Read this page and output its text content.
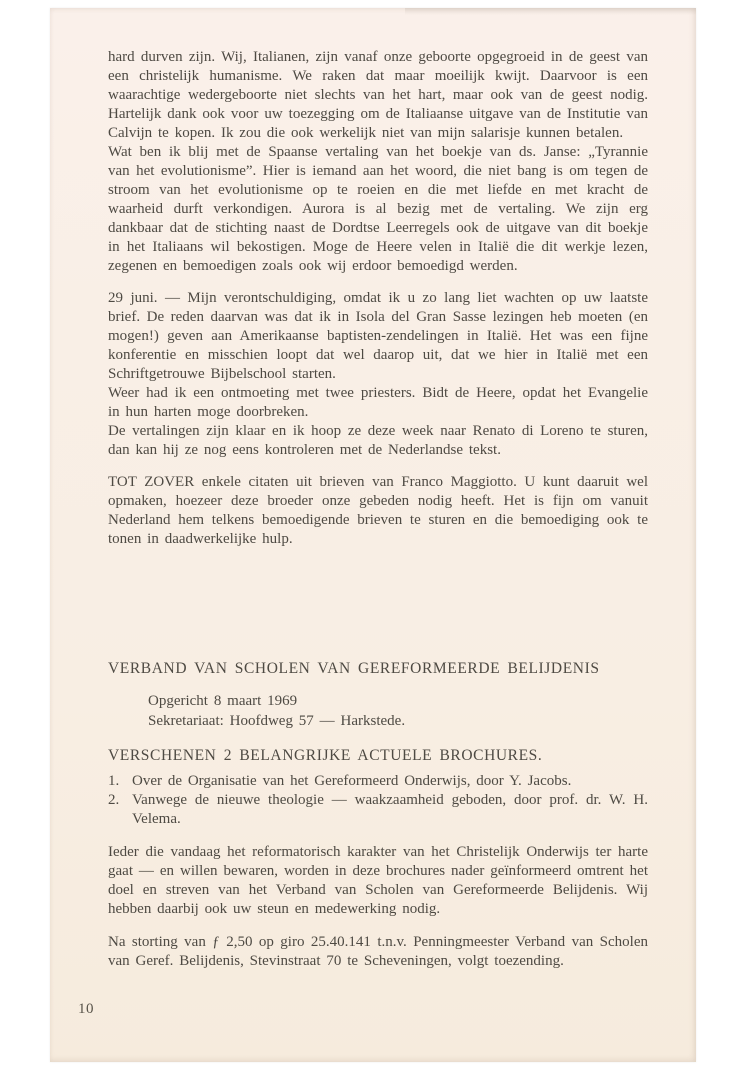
hard durven zijn. Wij, Italianen, zijn vanaf onze geboorte opgegroeid in de geest van een christelijk humanisme. We raken dat maar moeilijk kwijt. Daarvoor is een waarachtige wedergeboorte niet slechts van het hart, maar ook van de geest nodig. Hartelijk dank ook voor uw toezegging om de Italiaanse uitgave van de Institutie van Calvijn te kopen. Ik zou die ook werkelijk niet van mijn salarisje kunnen betalen.

Wat ben ik blij met de Spaanse vertaling van het boekje van ds. Janse: „Tyrannie van het evolutionisme”. Hier is iemand aan het woord, die niet bang is om tegen de stroom van het evolutionisme op te roeien en die met liefde en met kracht de waarheid durft verkondigen. Aurora is al bezig met de vertaling. We zijn erg dankbaar dat de stichting naast de Dordtse Leerregels ook de uitgave van dit boekje in het Italiaans wil bekostigen. Moge de Heere velen in Italië die dit werkje lezen, zegenen en bemoedigen zoals ook wij erdoor bemoedigd werden.

29 juni. — Mijn verontschuldiging, omdat ik u zo lang liet wachten op uw laatste brief. De reden daarvan was dat ik in Isola del Gran Sasse lezingen heb moeten (en mogen!) geven aan Amerikaanse baptisten-zendelingen in Italië. Het was een fijne konferentie en misschien loopt dat wel daarop uit, dat we hier in Italië met een Schriftgetrouwe Bijbelschool starten.

Weer had ik een ontmoeting met twee priesters. Bidt de Heere, opdat het Evangelie in hun harten moge doorbreken.

De vertalingen zijn klaar en ik hoop ze deze week naar Renato di Loreno te sturen, dan kan hij ze nog eens kontroleren met de Nederlandse tekst.

TOT ZOVER enkele citaten uit brieven van Franco Maggiotto. U kunt daaruit wel opmaken, hoezeer deze broeder onze gebeden nodig heeft. Het is fijn om vanuit Nederland hem telkens bemoedigende brieven te sturen en die bemoediging ook te tonen in daadwerkelijke hulp.

VERBAND VAN SCHOLEN VAN GEREFORMEERDE BELIJDENIS

Opgericht 8 maart 1969

Sekretariaat: Hoofdweg 57 — Harkstede.

VERSCHENEN 2 BELANGRIJKE ACTUELE BROCHURES.
1. Over de Organisatie van het Gereformeerd Onderwijs, door Y. Jacobs.
2. Vanwege de nieuwe theologie — waakzaamheid geboden, door prof. dr. W. H. Velema.

Ieder die vandaag het reformatorisch karakter van het Christelijk Onderwijs ter harte gaat — en willen bewaren, worden in deze brochures nader geïnformeerd omtrent het doel en streven van het Verband van Scholen van Gereformeerde Belijdenis. Wij hebben daarbij ook uw steun en medewerking nodig.

Na storting van ƒ 2,50 op giro 25.40.141 t.n.v. Penningmeester Verband van Scholen van Geref. Belijdenis, Stevinstraat 70 te Scheveningen, volgt toezending.

10
